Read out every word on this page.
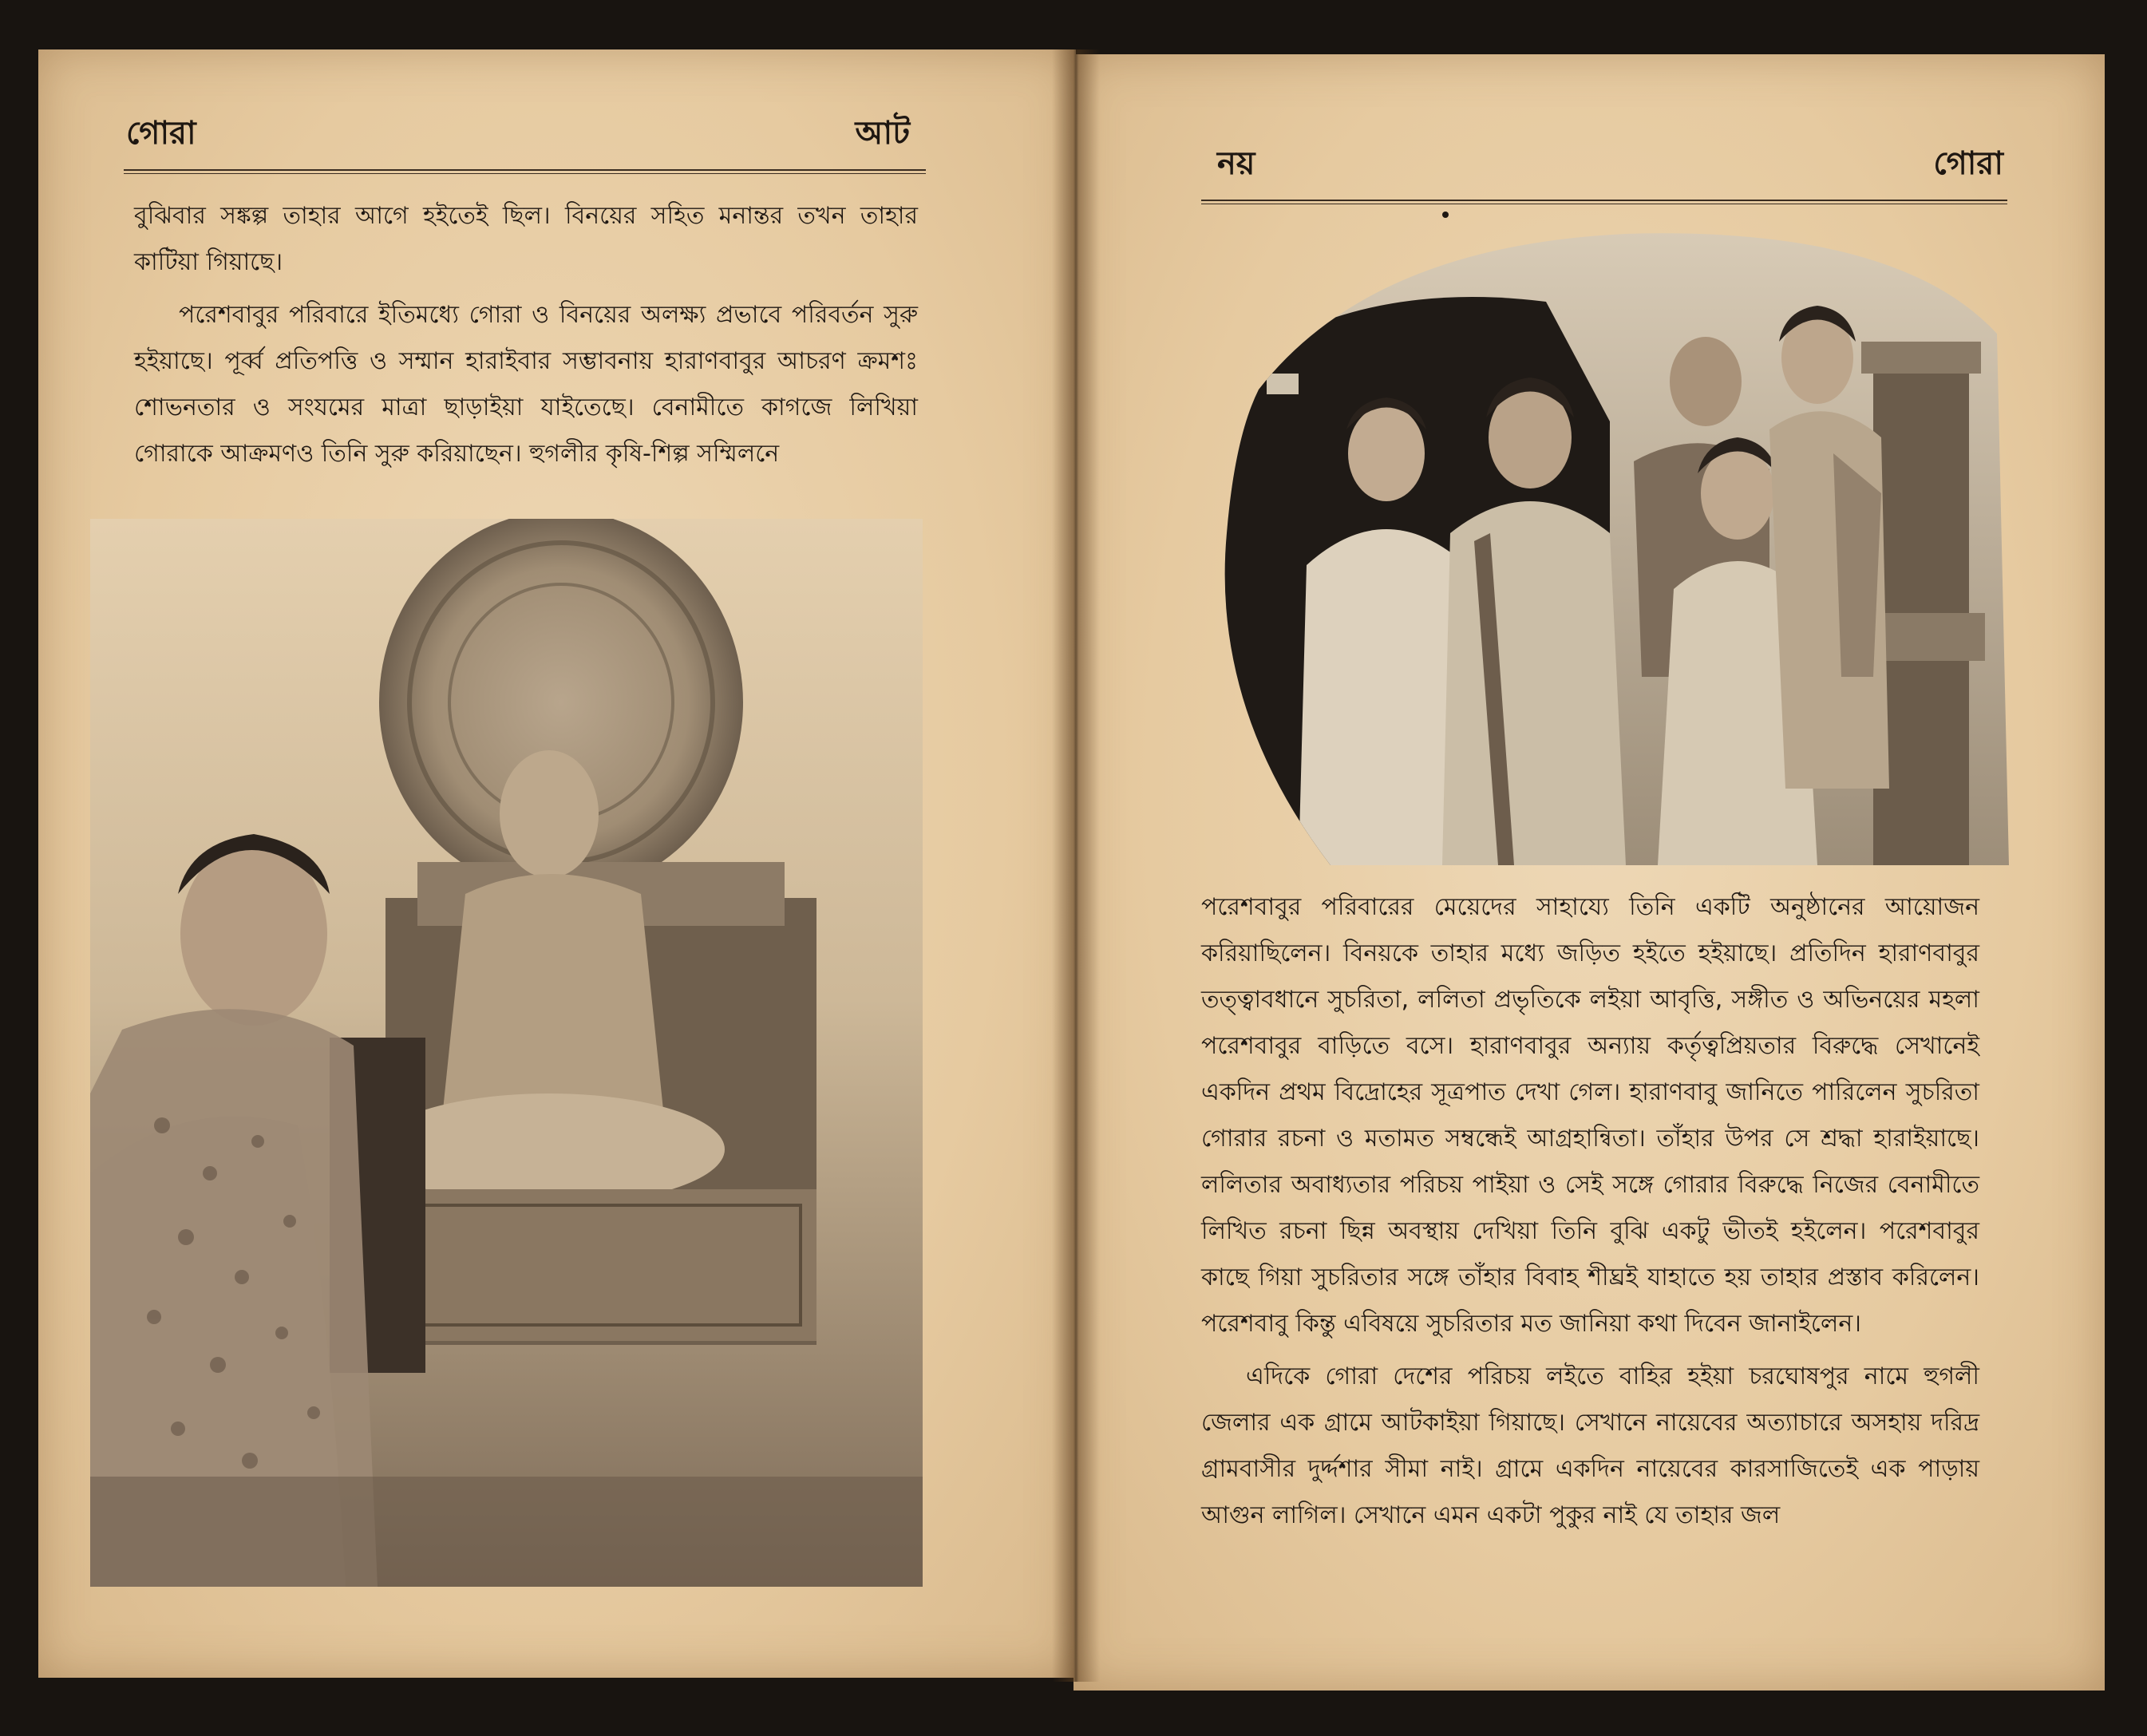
গোরা	আট

বুঝিবার সঙ্কল্প তাহার আগে হইতেই ছিল। বিনয়ের সহিত মনান্তর তখন তাহার কাটিয়া গিয়াছে।

পরেশবাবুর পরিবারে ইতিমধ্যে গোরা ও বিনয়ের অলক্ষ্য প্রভাবে পরিবর্তন সুরু হইয়াছে। পূর্ব্ব প্রতিপত্তি ও সম্মান হারাইবার সম্ভাবনায় হারাণবাবুর আচরণ ক্রমশঃ শোভনতার ও সংযমের মাত্রা ছাড়াইয়া যাইতেছে। বেনামীতে কাগজে লিখিয়া গোরাকে আক্রমণও তিনি সুরু করিয়াছেন। হুগলীর কৃষি-শিল্প সম্মিলনে

নয়	গোরা

পরেশবাবুর পরিবারের মেয়েদের সাহায্যে তিনি একটি অনুষ্ঠানের আয়োজন করিয়াছিলেন। বিনয়কে তাহার মধ্যে জড়িত হইতে হইয়াছে। প্রতিদিন হারাণবাবুর তত্ত্বাবধানে সুচরিতা, ললিতা প্রভৃতিকে লইয়া আবৃত্তি, সঙ্গীত ও অভিনয়ের মহলা পরেশবাবুর বাড়িতে বসে। হারাণবাবুর অন্যায় কর্তৃত্বপ্রিয়তার বিরুদ্ধে সেখানেই একদিন প্রথম বিদ্রোহের সূত্রপাত দেখা গেল। হারাণবাবু জানিতে পারিলেন সুচরিতা গোরার রচনা ও মতামত সম্বন্ধেই আগ্রহান্বিতা। তাঁহার উপর সে শ্রদ্ধা হারাইয়াছে। ললিতার অবাধ্যতার পরিচয় পাইয়া ও সেই সঙ্গে গোরার বিরুদ্ধে নিজের বেনামীতে লিখিত রচনা ছিন্ন অবস্থায় দেখিয়া তিনি বুঝি একটু ভীতই হইলেন। পরেশবাবুর কাছে গিয়া সুচরিতার সঙ্গে তাঁহার বিবাহ শীঘ্রই যাহাতে হয় তাহার প্রস্তাব করিলেন। পরেশবাবু কিন্তু এবিষয়ে সুচরিতার মত জানিয়া কথা দিবেন জানাইলেন।

এদিকে গোরা দেশের পরিচয় লইতে বাহির হইয়া চরঘোষপুর নামে হুগলী জেলার এক গ্রামে আটকাইয়া গিয়াছে। সেখানে নায়েবের অত্যাচারে অসহায় দরিদ্র গ্রামবাসীর দুর্দ্দশার সীমা নাই। গ্রামে একদিন নায়েবের কারসাজিতেই এক পাড়ায় আগুন লাগিল। সেখানে এমন একটা পুকুর নাই যে তাহার জল
